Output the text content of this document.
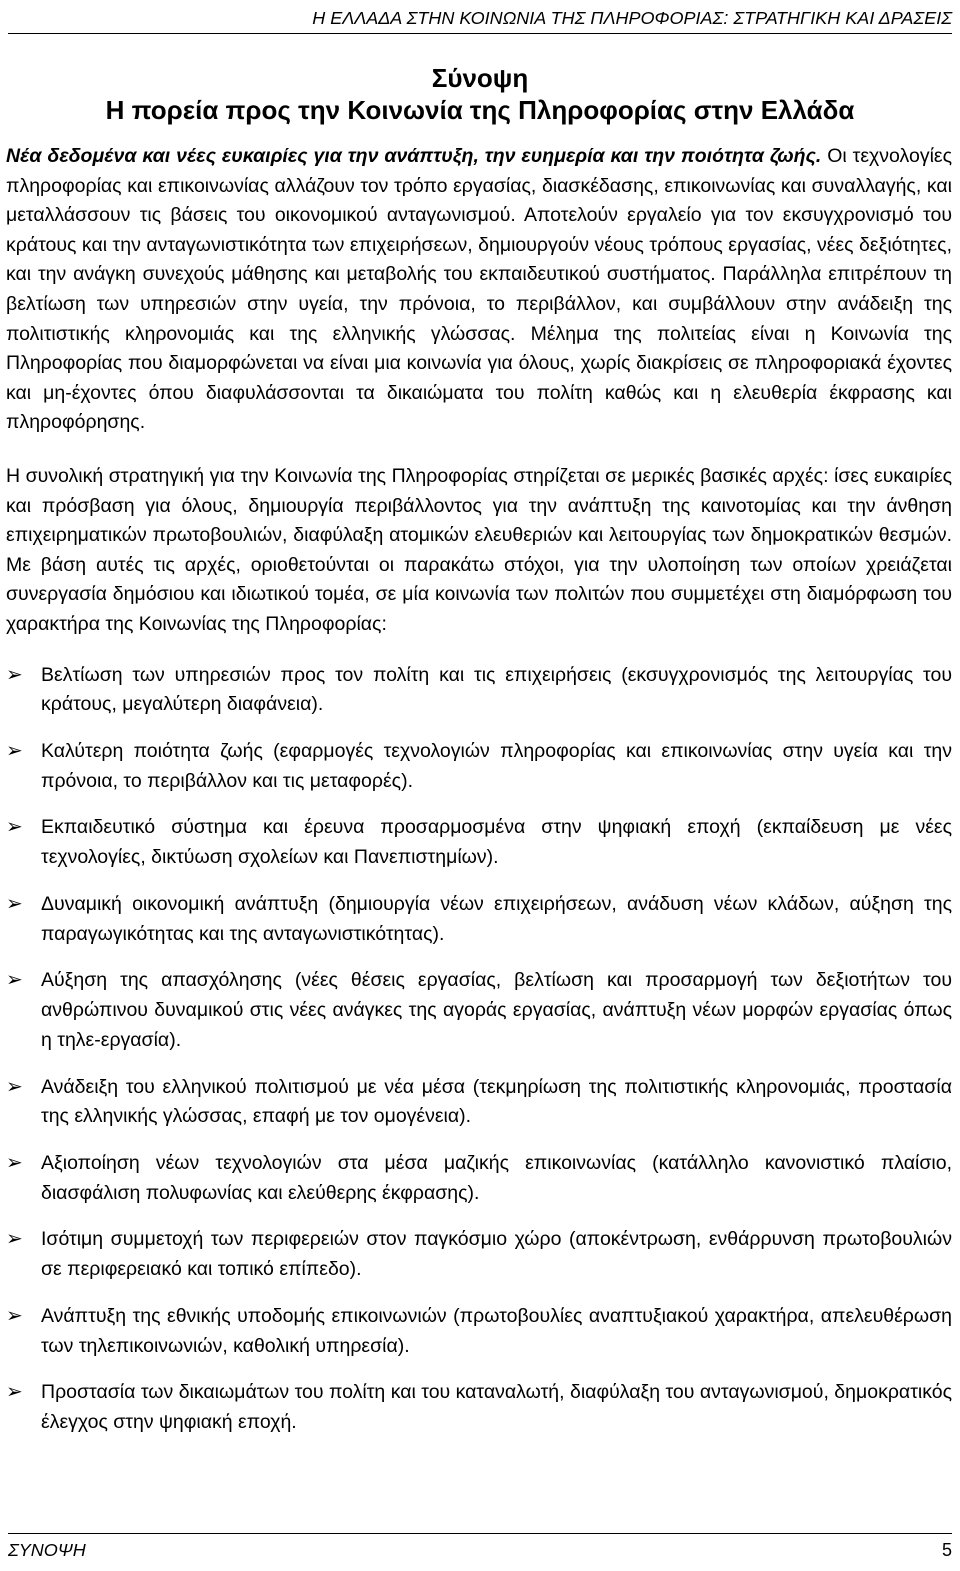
Η ΕΛΛΑΔΑ ΣΤΗΝ ΚΟΙΝΩΝΙΑ ΤΗΣ ΠΛΗΡΟΦΟΡΙΑΣ: ΣΤΡΑΤΗΓΙΚΗ ΚΑΙ ΔΡΑΣΕΙΣ
Σύνοψη
Η πορεία προς την Κοινωνία της Πληροφορίας στην Ελλάδα

Νέα δεδομένα και νέες ευκαιρίες για την ανάπτυξη, την ευημερία και την ποιότητα ζωής. Οι τεχνολογίες πληροφορίας και επικοινωνίας αλλάζουν τον τρόπο εργασίας, διασκέδασης, επικοινωνίας και συναλλαγής, και μεταλλάσσουν τις βάσεις του οικονομικού ανταγωνισμού. Αποτελούν εργαλείο για τον εκσυγχρονισμό του κράτους και την ανταγωνιστικότητα των επιχειρήσεων, δημιουργούν νέους τρόπους εργασίας, νέες δεξιότητες, και την ανάγκη συνεχούς μάθησης και μεταβολής του εκπαιδευτικού συστήματος. Παράλληλα επιτρέπουν τη βελτίωση των υπηρεσιών στην υγεία, την πρόνοια, το περιβάλλον, και συμβάλλουν στην ανάδειξη της πολιτιστικής κληρονομιάς και της ελληνικής γλώσσας. Μέλημα της πολιτείας είναι η Κοινωνία της Πληροφορίας που διαμορφώνεται να είναι μια κοινωνία για όλους, χωρίς διακρίσεις σε πληροφοριακά έχοντες και μη-έχοντες όπου διαφυλάσσονται τα δικαιώματα του πολίτη καθώς και η ελευθερία έκφρασης και πληροφόρησης.

Η συνολική στρατηγική για την Κοινωνία της Πληροφορίας στηρίζεται σε μερικές βασικές αρχές: ίσες ευκαιρίες και πρόσβαση για όλους, δημιουργία περιβάλλοντος για την ανάπτυξη της καινοτομίας και την άνθηση επιχειρηματικών πρωτοβουλιών, διαφύλαξη ατομικών ελευθεριών και λειτουργίας των δημοκρατικών θεσμών. Με βάση αυτές τις αρχές, οριοθετούνται οι παρακάτω στόχοι, για την υλοποίηση των οποίων χρειάζεται συνεργασία δημόσιου και ιδιωτικού τομέα, σε μία κοινωνία των πολιτών που συμμετέχει στη διαμόρφωση του χαρακτήρα της Κοινωνίας της Πληροφορίας:

➢ Βελτίωση των υπηρεσιών προς τον πολίτη και τις επιχειρήσεις (εκσυγχρονισμός της λειτουργίας του κράτους, μεγαλύτερη διαφάνεια).
➢ Καλύτερη ποιότητα ζωής (εφαρμογές τεχνολογιών πληροφορίας και επικοινωνίας στην υγεία και την πρόνοια, το περιβάλλον και τις μεταφορές).
➢ Εκπαιδευτικό σύστημα και έρευνα προσαρμοσμένα στην ψηφιακή εποχή (εκπαίδευση με νέες τεχνολογίες, δικτύωση σχολείων και Πανεπιστημίων).
➢ Δυναμική οικονομική ανάπτυξη (δημιουργία νέων επιχειρήσεων, ανάδυση νέων κλάδων, αύξηση της παραγωγικότητας και της ανταγωνιστικότητας).
➢ Αύξηση της απασχόλησης (νέες θέσεις εργασίας, βελτίωση και προσαρμογή των δεξιοτήτων του ανθρώπινου δυναμικού στις νέες ανάγκες της αγοράς εργασίας, ανάπτυξη νέων μορφών εργασίας όπως η τηλε-εργασία).
➢ Ανάδειξη του ελληνικού πολιτισμού με νέα μέσα (τεκμηρίωση της πολιτιστικής κληρονομιάς, προστασία της ελληνικής γλώσσας, επαφή με τον ομογένεια).
➢ Αξιοποίηση νέων τεχνολογιών στα μέσα μαζικής επικοινωνίας (κατάλληλο κανονιστικό πλαίσιο, διασφάλιση πολυφωνίας και ελεύθερης έκφρασης).
➢ Ισότιμη συμμετοχή των περιφερειών στον παγκόσμιο χώρο (αποκέντρωση, ενθάρρυνση πρωτοβουλιών σε περιφερειακό και τοπικό επίπεδο).
➢ Ανάπτυξη της εθνικής υποδομής επικοινωνιών (πρωτοβουλίες αναπτυξιακού χαρακτήρα, απελευθέρωση των τηλεπικοινωνιών, καθολική υπηρεσία).
➢ Προστασία των δικαιωμάτων του πολίτη και του καταναλωτή, διαφύλαξη του ανταγωνισμού, δημοκρατικός έλεγχος στην ψηφιακή εποχή.
ΣΥΝΟΨΗ	5
